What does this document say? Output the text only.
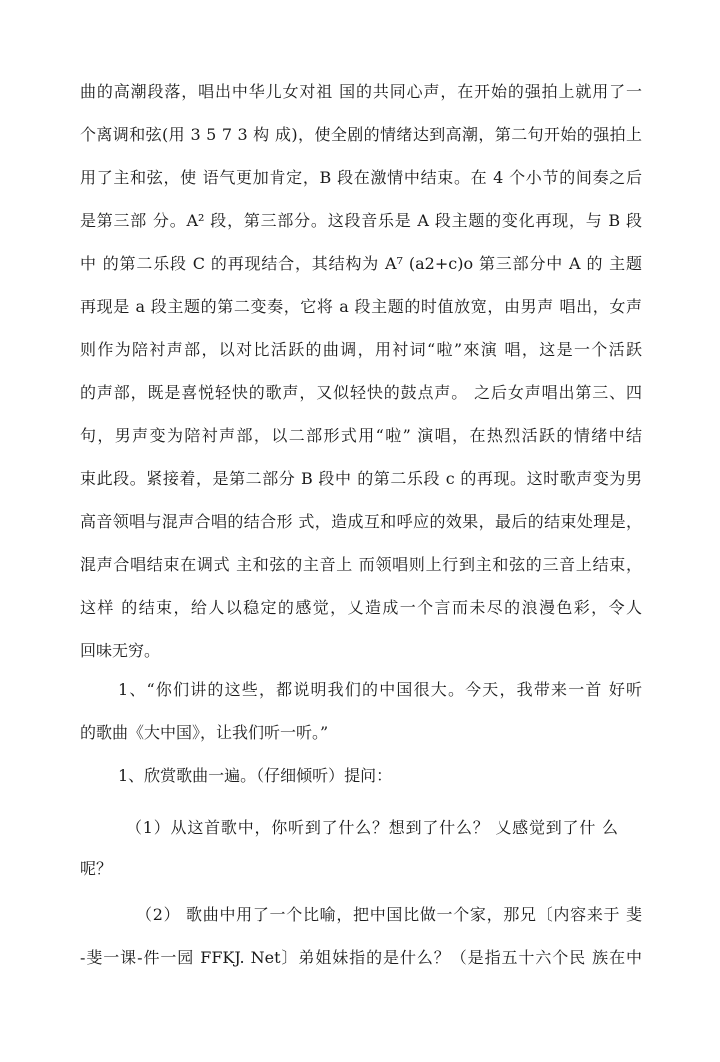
曲的高潮段落，唱出中华儿女对祖 国的共同心声，在开始的强拍上就用了一
个离调和弦(用 3 5 7 3 构 成)，使全剧的情绪达到高潮，第二句开始的强拍上
用了主和弦，使 语气更加肯定，B 段在激情中结束。在 4 个小节的间奏之后
是第三部 分。A² 段，第三部分。这段音乐是 A 段主题的变化再现，与 B 段
中 的第二乐段 C 的再现结合，其结构为 A⁷ (a2+c)o 第三部分中 A 的 主题
再现是 a 段主题的第二变奏，它将 a 段主题的时值放宽，由男声 唱出，女声
则作为陪衬声部，以对比活跃的曲调，用衬词“啦”來演 唱，这是一个活跃
的声部，既是喜悦轻快的歌声，又似轻快的鼓点声。 之后女声唱出第三、四
句，男声变为陪衬声部，以二部形式用“啦” 演唱，在热烈活跃的情绪中结
束此段。紧接着，是第二部分 B 段中 的第二乐段 c 的再现。这时歌声变为男
高音领唱与混声合唱的结合形 式，造成互和呼应的效果，最后的结束处理是，
混声合唱结束在调式 主和弦的主音上 而领唱则上行到主和弦的三音上结束，
这样 的结束，给人以稳定的感觉，乂造成一个言而未尽的浪漫色彩，令人
回味无穷。
1、“你们讲的这些，都说明我们的中国很大。今天，我带来一首 好听
的歌曲《大中国》，让我们听一听。”
1、欣赏歌曲一遍。（仔细倾听）提问：
（1）从这首歌中，你听到了什么？想到了什么？ 乂感觉到了什 么
呢？
（2） 歌曲中用了一个比喻，把中国比做一个家，那兄〔内容来于 斐
-斐一课-件一园 FFKJ. Net〕弟姐妹指的是什么？（是指五十六个民 族在中
